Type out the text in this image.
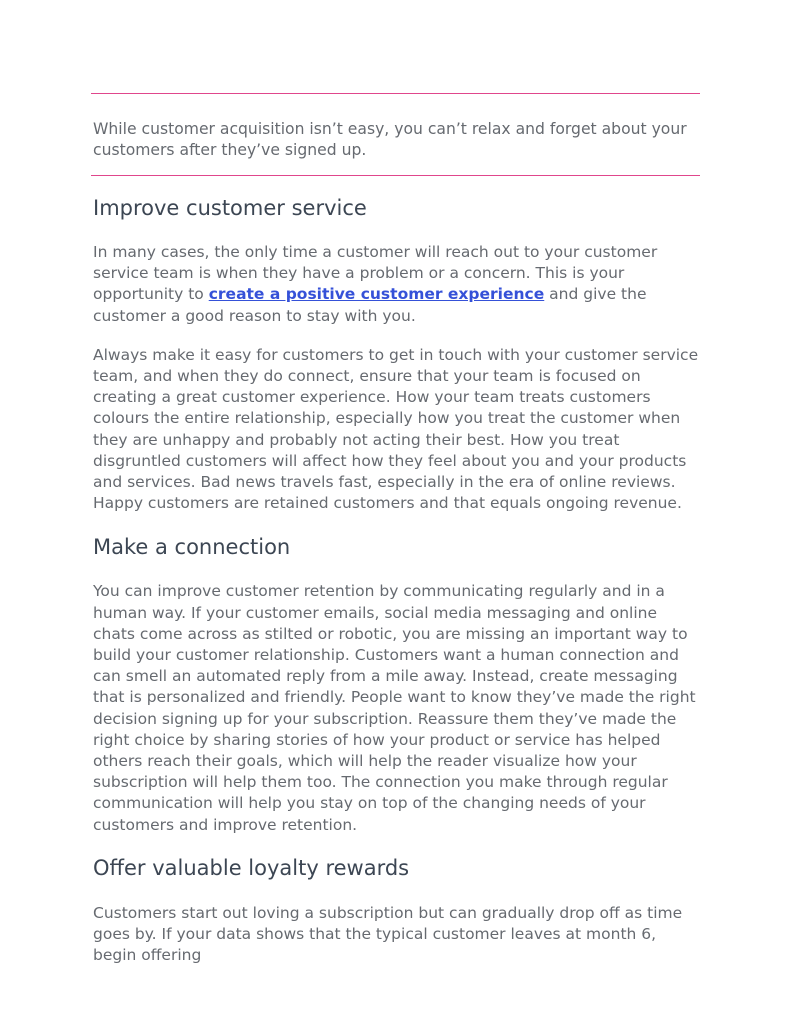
While customer acquisition isn’t easy, you can’t relax and forget about your customers after they’ve signed up.

Improve customer service

In many cases, the only time a customer will reach out to your customer service team is when they have a problem or a concern. This is your opportunity to create a positive customer experience and give the customer a good reason to stay with you.

Always make it easy for customers to get in touch with your customer service team, and when they do connect, ensure that your team is focused on creating a great customer experience. How your team treats customers colours the entire relationship, especially how you treat the customer when they are unhappy and probably not acting their best. How you treat disgruntled customers will affect how they feel about you and your products and services. Bad news travels fast, especially in the era of online reviews. Happy customers are retained customers and that equals ongoing revenue.

Make a connection

You can improve customer retention by communicating regularly and in a human way. If your customer emails, social media messaging and online chats come across as stilted or robotic, you are missing an important way to build your customer relationship. Customers want a human connection and can smell an automated reply from a mile away. Instead, create messaging that is personalized and friendly. People want to know they’ve made the right decision signing up for your subscription. Reassure them they’ve made the right choice by sharing stories of how your product or service has helped others reach their goals, which will help the reader visualize how your subscription will help them too. The connection you make through regular communication will help you stay on top of the changing needs of your customers and improve retention.

Offer valuable loyalty rewards

Customers start out loving a subscription but can gradually drop off as time goes by. If your data shows that the typical customer leaves at month 6, begin offering
